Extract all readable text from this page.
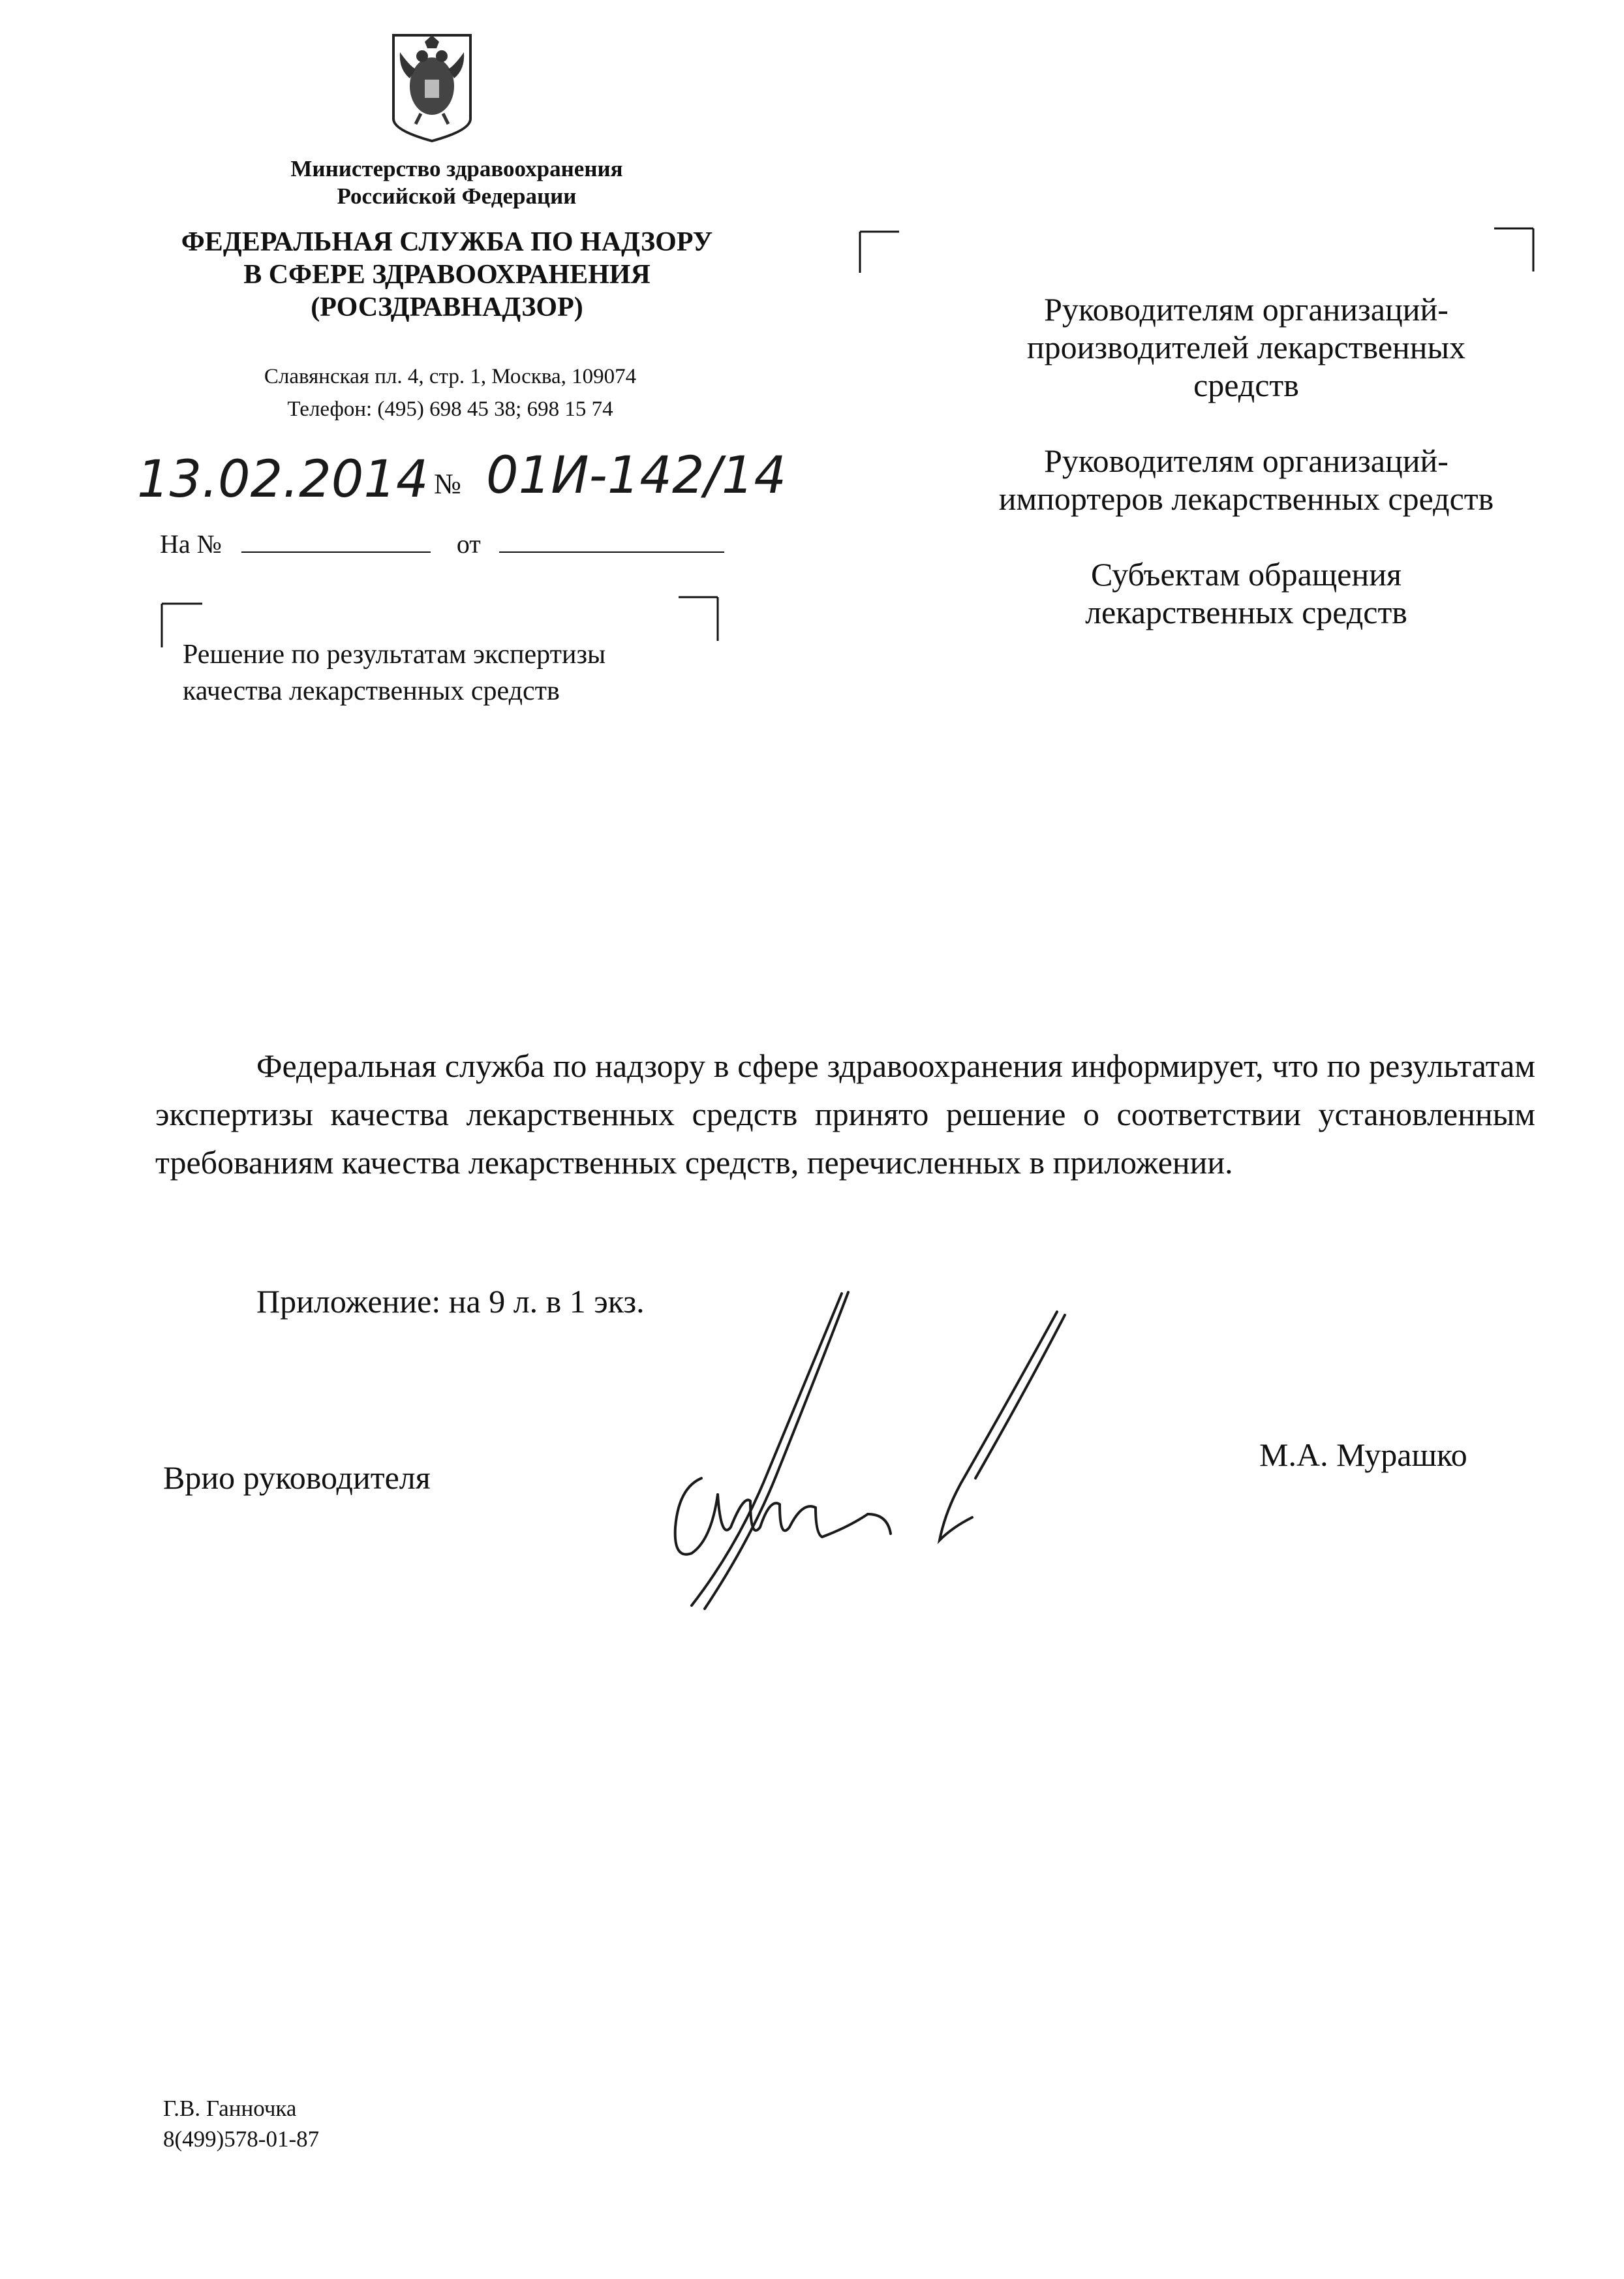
Министерство здравоохранения
Российской Федерации
ФЕДЕРАЛЬНАЯ СЛУЖБА ПО НАДЗОРУ
В СФЕРЕ ЗДРАВООХРАНЕНИЯ
(РОСЗДРАВНАДЗОР)
Славянская пл. 4, стр. 1, Москва, 109074
Телефон: (495) 698 45 38; 698 15 74
13.02.2014 № 01И-142/14
На №	от
Решение по результатам экспертизы
качества лекарственных средств
Руководителям организаций-
производителей лекарственных
средств
Руководителям организаций-
импортеров лекарственных средств
Субъектам обращения
лекарственных средств
Федеральная служба по надзору в сфере здравоохранения информирует, что по результатам экспертизы качества лекарственных средств принято решение о соответствии установленным требованиям качества лекарственных средств, перечисленных в приложении.
Приложение: на 9 л. в 1 экз.
Врио руководителя
М.А. Мурашко
Г.В. Ганночка
8(499)578-01-87
